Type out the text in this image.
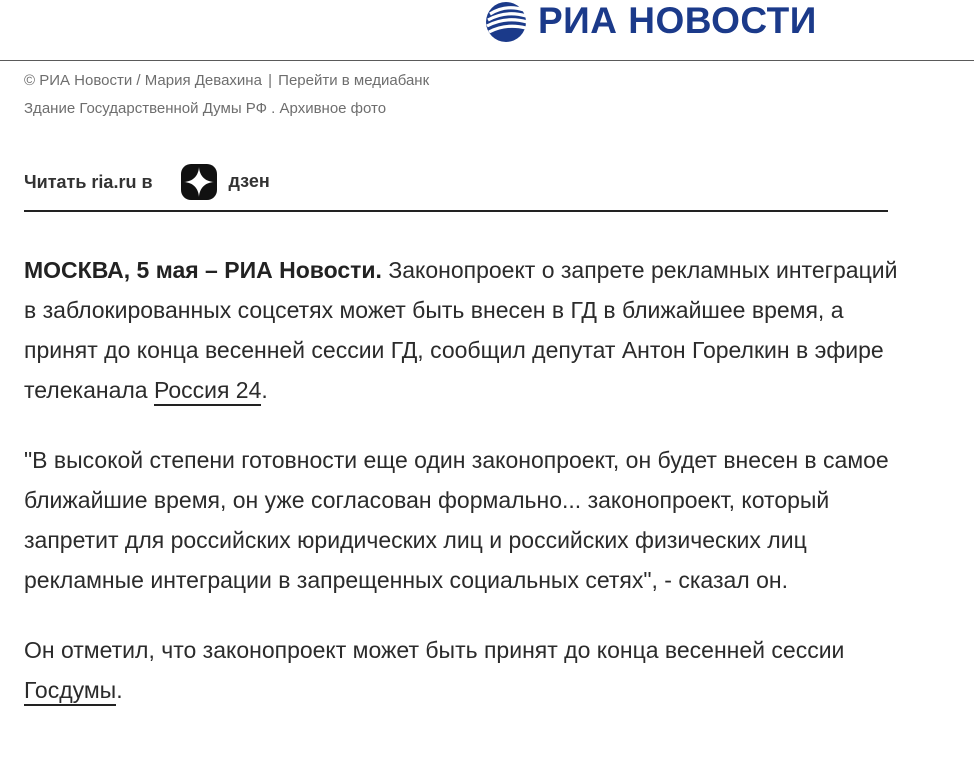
РИА НОВОСТИ
© РИА Новости / Мария Девахина | Перейти в медиабанк
Здание Государственной Думы РФ . Архивное фото
Читать ria.ru в	дзен

МОСКВА, 5 мая – РИА Новости. Законопроект о запрете рекламных интеграций в заблокированных соцсетях может быть внесен в ГД в ближайшее время, а принят до конца весенней сессии ГД, сообщил депутат Антон Горелкин в эфире телеканала Россия 24.

"В высокой степени готовности еще один законопроект, он будет внесен в самое ближайшие время, он уже согласован формально... законопроект, который запретит для российских юридических лиц и российских физических лиц рекламные интеграции в запрещенных социальных сетях", - сказал он.

Он отметил, что законопроект может быть принят до конца весенней сессии Госдумы.
